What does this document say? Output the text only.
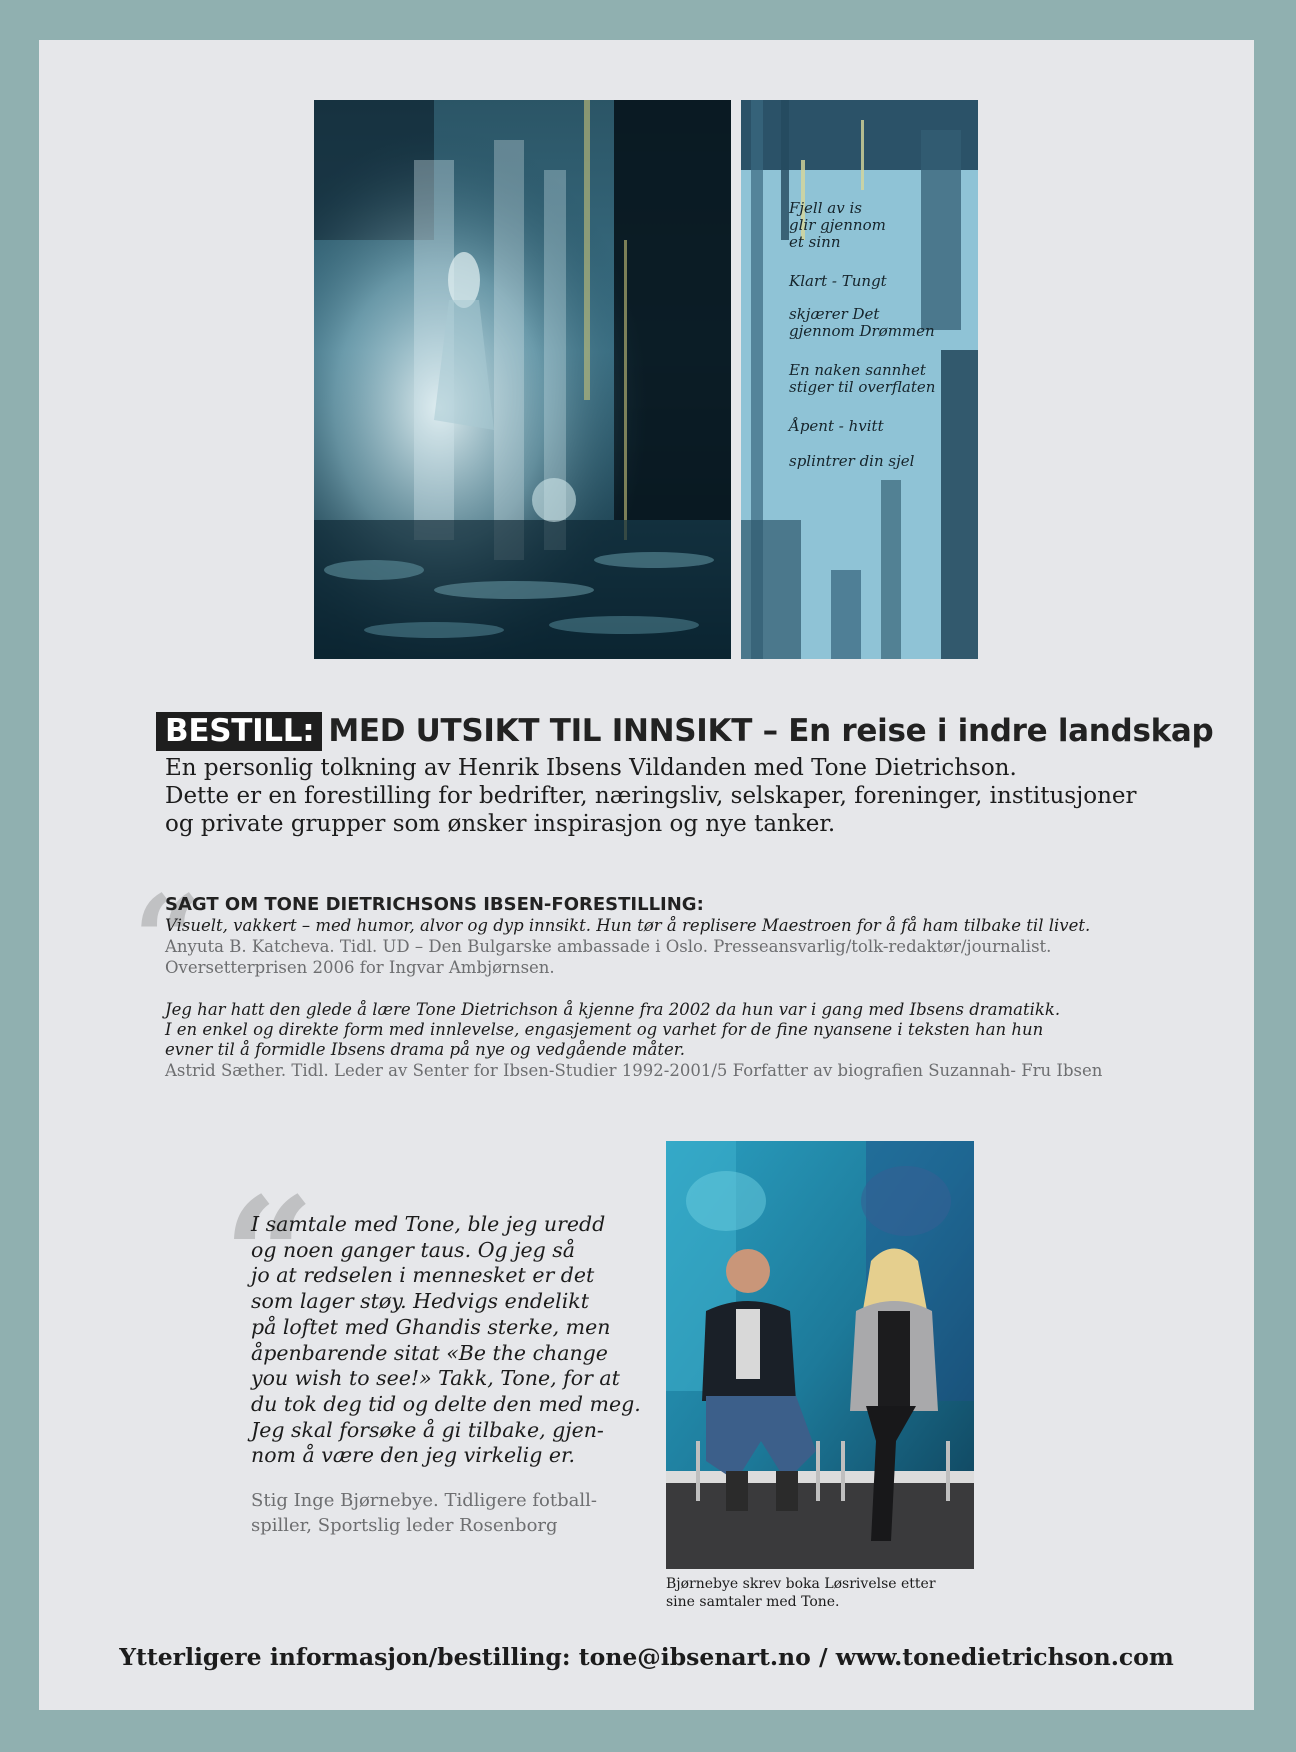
Fjell av is
glir gjennom
et sinn
Klart - Tungt
skjærer Det
gjennom Drømmen
En naken sannhet
stiger til overflaten
Åpent - hvitt
splintrer din sjel
BESTILL: MED UTSIKT TIL INNSIKT – En reise i indre landskap
En personlig tolkning av Henrik Ibsens Vildanden med Tone Dietrichson.
Dette er en forestilling for bedrifter, næringsliv, selskaper, foreninger, institusjoner
og private grupper som ønsker inspirasjon og nye tanker.
“
SAGT OM TONE DIETRICHSONS IBSEN-FORESTILLING:
Visuelt, vakkert – med humor, alvor og dyp innsikt. Hun tør å replisere Maestroen for å få ham tilbake til livet.
Anyuta B. Katcheva. Tidl. UD – Den Bulgarske ambassade i Oslo. Presseansvarlig/tolk-redaktør/journalist.
Oversetterprisen 2006 for Ingvar Ambjørnsen.
Jeg har hatt den glede å lære Tone Dietrichson å kjenne fra 2002 da hun var i gang med Ibsens dramatikk.
I en enkel og direkte form med innlevelse, engasjement og varhet for de fine nyansene i teksten han hun
evner til å formidle Ibsens drama på nye og vedgående måter.
Astrid Sæther. Tidl. Leder av Senter for Ibsen-Studier 1992-2001/5 Forfatter av biografien Suzannah- Fru Ibsen
“
I samtale med Tone, ble jeg uredd
og noen ganger taus. Og jeg så
jo at redselen i mennesket er det
som lager støy. Hedvigs endelikt
på loftet med Ghandis sterke, men
åpenbarende sitat «Be the change
you wish to see!» Takk, Tone, for at
du tok deg tid og delte den med meg.
Jeg skal forsøke å gi tilbake, gjen-
nom å være den jeg virkelig er.
Stig Inge Bjørnebye. Tidligere fotball-
spiller, Sportslig leder Rosenborg
Bjørnebye skrev boka Løsrivelse etter
sine samtaler med Tone.
Ytterligere informasjon/bestilling: tone@ibsenart.no / www.tonedietrichson.com
